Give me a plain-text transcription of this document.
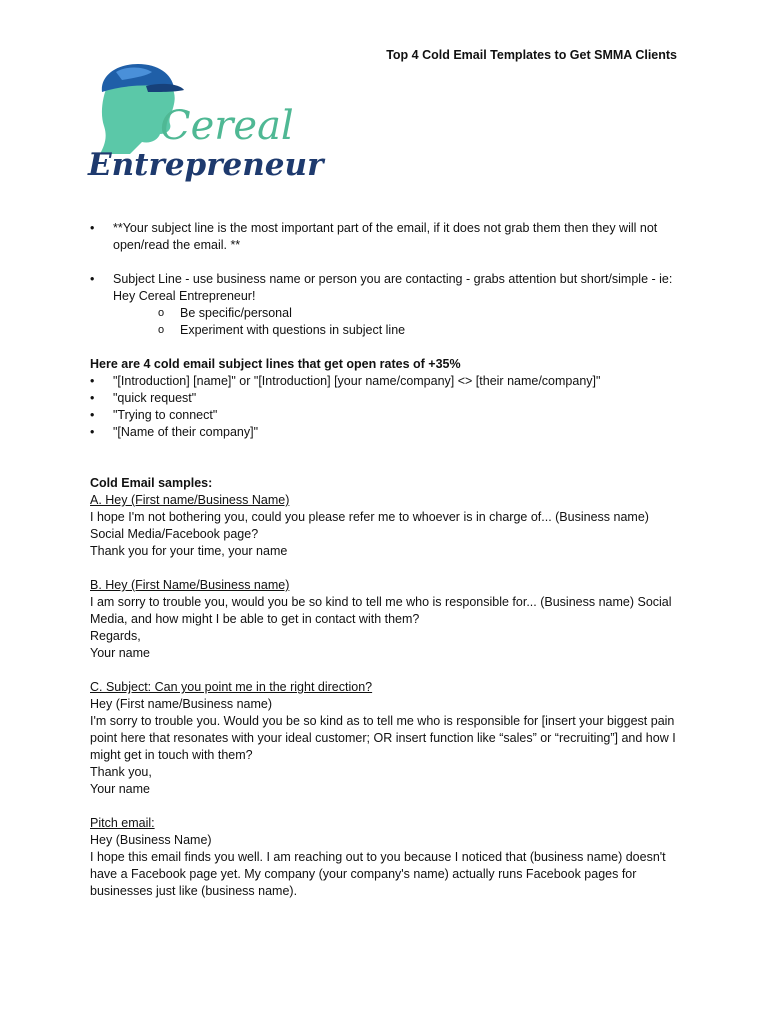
Top 4 Cold Email Templates to Get SMMA Clients
Cereal
Entrepreneur
• **Your subject line is the most important part of the email, if it does not grab them then they will not open/read the email. **
• Subject Line - use business name or person you are contacting - grabs attention but short/simple - ie: Hey Cereal Entrepreneur!
o Be specific/personal
o Experiment with questions in subject line

Here are 4 cold email subject lines that get open rates of +35%

• "[Introduction] [name]" or "[Introduction] [your name/company] <> [their name/company]"
• "quick request"
• "Trying to connect"
• "[Name of their company]"

Cold Email samples:

A. Hey (First name/Business Name)

I hope I'm not bothering you, could you please refer me to whoever is in charge of... (Business name) Social Media/Facebook page?

Thank you for your time, your name

B. Hey (First Name/Business name)

I am sorry to trouble you, would you be so kind to tell me who is responsible for... (Business name) Social Media, and how might I be able to get in contact with them?

Regards,

Your name

C. Subject: Can you point me in the right direction?

Hey (First name/Business name)

I'm sorry to trouble you. Would you be so kind as to tell me who is responsible for [insert your biggest pain point here that resonates with your ideal customer; OR insert function like “sales” or “recruiting”] and how I might get in touch with them?

Thank you,

Your name

Pitch email:

Hey (Business Name)

I hope this email finds you well. I am reaching out to you because I noticed that (business name) doesn't have a Facebook page yet. My company (your company's name) actually runs Facebook pages for businesses just like (business name).
